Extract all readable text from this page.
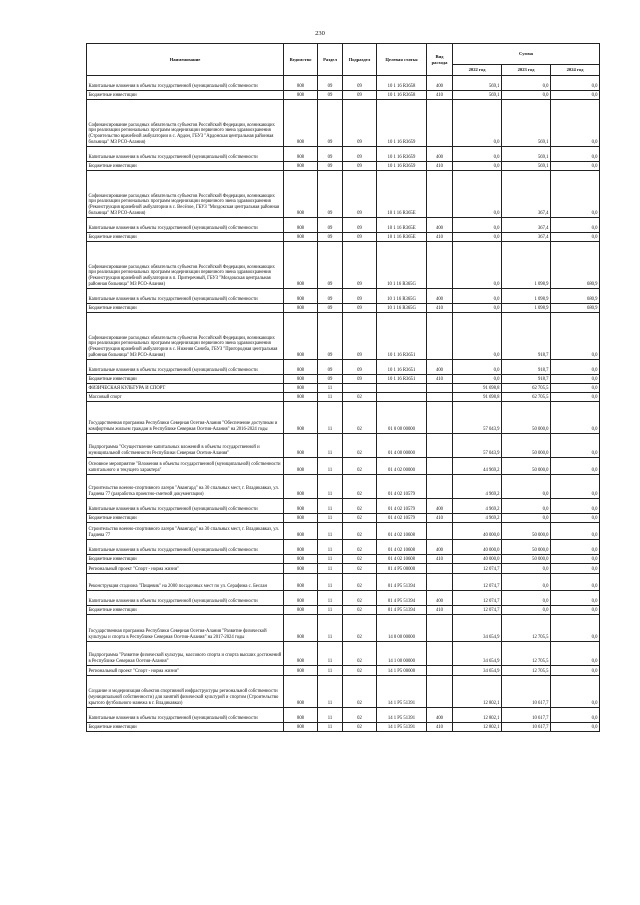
230
Наименование	Ведомство	Раздел	Подраздел	Целевая статья	Вид расхода	Сумма		
						2022 год	2023 год	2024 год
Капитальные вложения в объекты государственной (муниципальной) собственности	808	09	09	10 1 16 R3658	400	569,1	0,0	0,0
Бюджетные инвестиции	808	09	09	10 1 16 R3658	410	569,1	0,0	0,0
Софинансирование расходных обязательств субъектов Российской Федерации, возникающих при реализации региональных программ модернизации первичного звена здравоохранения (Строительство врачебной амбулатории в с. Ардон, ГБУЗ "Ардонская центральная районная больница" МЗ РСО-Алания)	808	09	09	10 1 16 R3659		0,0	569,1	0,0
Капитальные вложения в объекты государственной (муниципальной) собственности	808	09	09	10 1 16 R3659	400	0,0	569,1	0,0
Бюджетные инвестиции	808	09	09	10 1 16 R3659	410	0,0	569,1	0,0
Софинансирование расходных обязательств субъектов Российской Федерации, возникающих при реализации региональных программ модернизации первичного звена здравоохранения (Реконструкция врачебной амбулатории в с. Весёлое, ГБУЗ "Моздокская центральная районная больница" МЗ РСО-Алания)	808	09	09	10 1 16 R365E		0,0	367,4	0,0
Капитальные вложения в объекты государственной (муниципальной) собственности	808	09	09	10 1 16 R365E	400	0,0	367,4	0,0
Бюджетные инвестиции	808	09	09	10 1 16 R365E	410	0,0	367,4	0,0
Софинансирование расходных обязательств субъектов Российской Федерации, возникающих при реализации региональных программ модернизации первичного звена здравоохранения (Реконструкция врачебной амбулатории в п. Притеречный, ГБУЗ "Моздокская центральная районная больница" МЗ РСО-Алания)	808	09	09	10 1 16 R365G		0,0	1 098,9	680,9
Капитальные вложения в объекты государственной (муниципальной) собственности	808	09	09	10 1 16 R365G	400	0,0	1 098,9	680,9
Бюджетные инвестиции	808	09	09	10 1 16 R365G	410	0,0	1 098,9	680,9
Софинансирование расходных обязательств субъектов Российской Федерации, возникающих при реализации региональных программ модернизации первичного звена здравоохранения (Реконструкция врачебной амбулатории в с. Нижняя Саниба, ГБУЗ "Пригородная центральная районная больница" МЗ РСО-Алания)	808	09	09	10 1 16 R3651		0,0	918,7	0,0
Капитальные вложения в объекты государственной (муниципальной) собственности	808	09	09	10 1 16 R3651	400	0,0	918,7	0,0
Бюджетные инвестиции	808	09	09	10 1 16 R3651	410	0,0	918,7	0,0
ФИЗИЧЕСКАЯ КУЛЬТУРА И СПОРТ	808	11				91 698,8	62 705,5	0,0
Массовый спорт	808	11	02			91 698,8	62 705,5	0,0
Государственная программа Республики Северная Осетия-Алания "Обеспечение доступным и комфортным жильем граждан в Республике Северная Осетия-Алания" на 2016-2024 годы	808	11	02	01 0 00 00000		57 043,9	50 000,0	0,0
Подпрограмма "Осуществление капитальных вложений в объекты государственной и муниципальной собственности Республики Северная Осетия-Алания"	808	11	02	01 4 00 00000		57 043,9	50 000,0	0,0
Основное мероприятие "Вложения в объекты государственной (муниципальной) собственности капитального и текущего характера"	808	11	02	01 4 02 00000		44 969,2	50 000,0	0,0
Строительство военно-спортивного лагеря "Авангард" на 30 спальных мест, г. Владикавказ, ул. Гадиева 77 (разработка проектно-сметной документации)	808	11	02	01 4 02 10579		4 969,2	0,0	0,0
Капитальные вложения в объекты государственной (муниципальной) собственности	808	11	02	01 4 02 10579	400	4 969,2	0,0	0,0
Бюджетные инвестиции	808	11	02	01 4 02 10579	410	4 969,2	0,0	0,0
Строительство военно-спортивного лагеря "Авангард" на 30 спальных мест, г. Владикавказ, ул. Гадиева 77	808	11	02	01 4 02 10608		40 000,0	50 000,0	0,0
Капитальные вложения в объекты государственной (муниципальной) собственности	808	11	02	01 4 02 10608	400	40 000,0	50 000,0	0,0
Бюджетные инвестиции	808	11	02	01 4 02 10608	410	40 000,0	50 000,0	0,0
Региональный проект "Спорт - норма жизни"	808	11	02	01 4 P5 00000		12 074,7	0,0	0,0
Реконструкция стадиона "Пищевик" на 2000 посадочных мест по ул. Серафима с. Беслан	808	11	02	01 4 P5 51394		12 074,7	0,0	0,0
Капитальные вложения в объекты государственной (муниципальной) собственности	808	11	02	01 4 P5 51394	400	12 074,7	0,0	0,0
Бюджетные инвестиции	808	11	02	01 4 P5 51394	410	12 074,7	0,0	0,0
Государственная программа Республики Северная Осетия-Алания "Развитие физической культуры и спорта в Республике Северная Осетия-Алания" на 2017-2024 годы	808	11	02	14 0 00 00000		34 654,9	12 705,5	0,0
Подпрограмма "Развитие физической культуры, массового спорта и спорта высших достижений в Республике Северная Осетия-Алания"	808	11	02	14 1 00 00000		34 654,9	12 705,5	0,0
Региональный проект "Спорт - норма жизни"	808	11	02	14 1 P5 00000		34 654,9	12 705,5	0,0
Создание и модернизация объектов спортивной инфраструктуры региональной собственности (муниципальной собственности) для занятий физической культурой и спортом (Строительство крытого футбольного манежа в г. Владикавказ)	808	11	02	14 1 P5 51391		12 802,1	10 617,7	0,0
Капитальные вложения в объекты государственной (муниципальной) собственности	808	11	02	14 1 P5 51391	400	12 802,1	10 617,7	0,0
Бюджетные инвестиции	808	11	02	14 1 P5 51391	410	12 802,1	10 617,7	0,0
